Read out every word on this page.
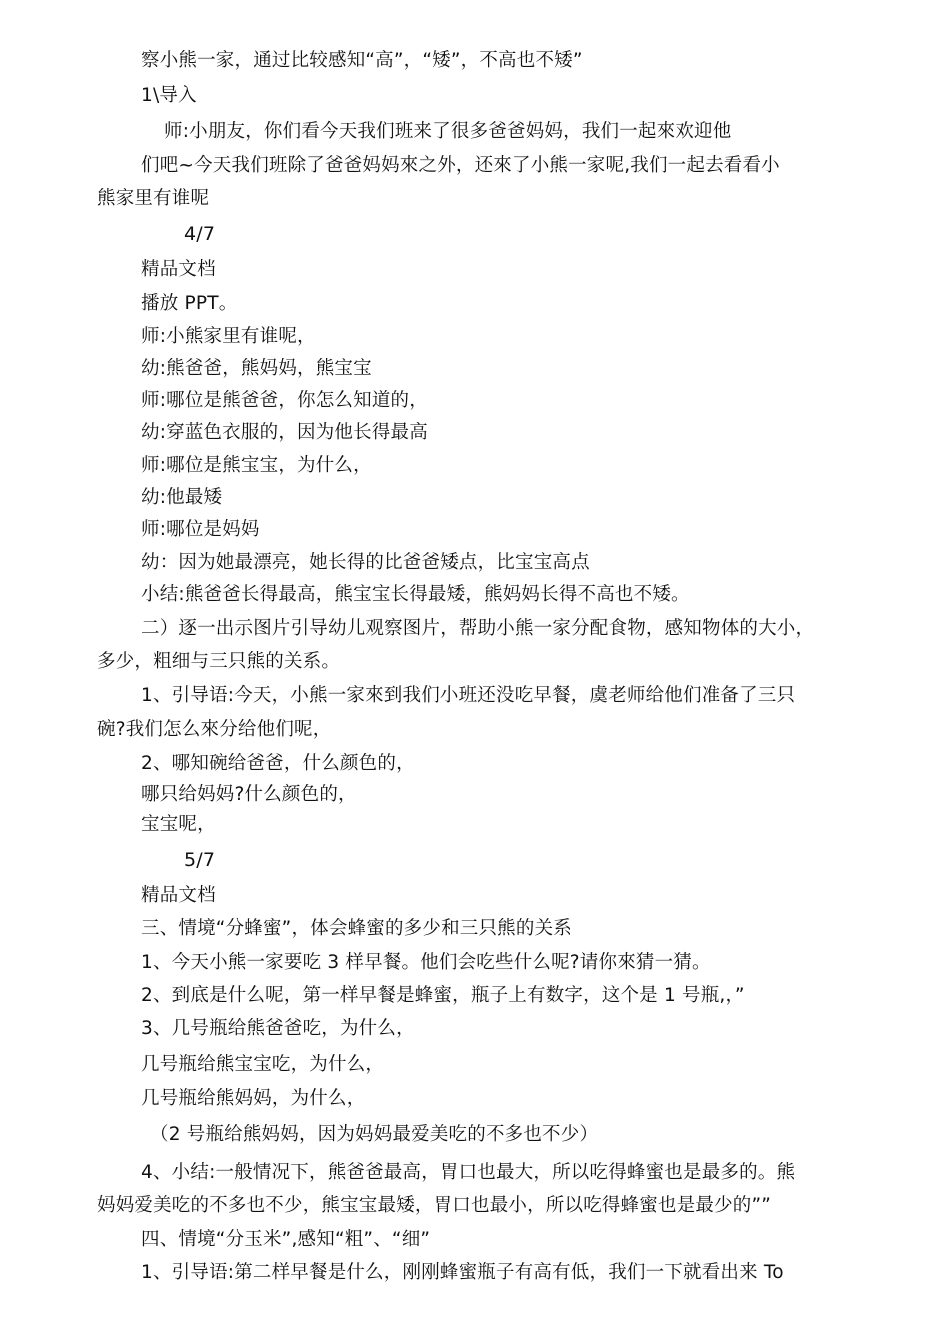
察小熊一家，通过比较感知“高”，“矮”，不高也不矮”
1\导入
师:小朋友，你们看今天我们班来了很多爸爸妈妈，我们一起來欢迎他
们吧~今天我们班除了爸爸妈妈來之外，还來了小熊一家呢,我们一起去看看小
熊家里有谁呢
4/7
精品文档
播放 PPT。
师:小熊家里有谁呢，
幼:熊爸爸，熊妈妈，熊宝宝
师:哪位是熊爸爸，你怎么知道的，
幼:穿蓝色衣服的，因为他长得最高
师:哪位是熊宝宝，为什么，
幼:他最矮
师:哪位是妈妈
幼：因为她最漂亮，她长得的比爸爸矮点，比宝宝高点
小结:熊爸爸长得最高，熊宝宝长得最矮，熊妈妈长得不高也不矮。
二）逐一出示图片引导幼儿观察图片，帮助小熊一家分配食物，感知物体的大小，
多少，粗细与三只熊的关系。
1、引导语:今天，小熊一家來到我们小班还没吃早餐，虞老师给他们准备了三只
碗?我们怎么來分给他们呢，
2、哪知碗给爸爸，什么颜色的，
哪只给妈妈?什么颜色的，
宝宝呢，
5/7
精品文档
三、情境“分蜂蜜”，体会蜂蜜的多少和三只熊的关系
1、今天小熊一家要吃 3 样早餐。他们会吃些什么呢?请你來猜一猜。
2、到底是什么呢，第一样早餐是蜂蜜，瓶子上有数字，这个是 1 号瓶,，”
3、几号瓶给熊爸爸吃，为什么，
几号瓶给熊宝宝吃，为什么，
几号瓶给熊妈妈，为什么，
（2 号瓶给熊妈妈，因为妈妈最爱美吃的不多也不少）
4、小结:一般情况下，熊爸爸最高，胃口也最大，所以吃得蜂蜜也是最多的。熊
妈妈爱美吃的不多也不少，熊宝宝最矮，胃口也最小，所以吃得蜂蜜也是最少的””
四、情境“分玉米”,感知“粗”、“细”
1、引导语:第二样早餐是什么，刚刚蜂蜜瓶子有高有低，我们一下就看出来 To
